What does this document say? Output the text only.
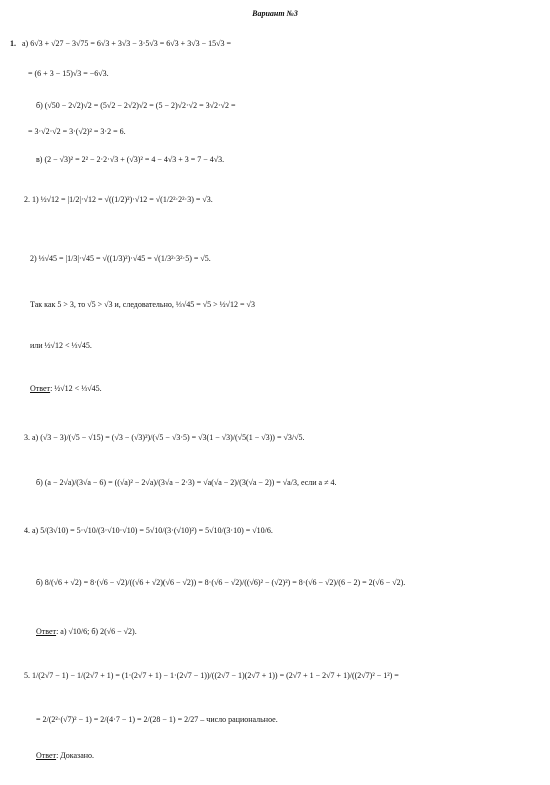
Вариант №3
1. a) 6√3 + √27 − 3√75 = 6√3 + 3√3 − 3·5√3 = 6√3 + 3√3 − 15√3 =
= (6 + 3 − 15)√3 = −6√3.
б) (√50 − 2√2)√2 = (5√2 − 2√2)√2 = (5 − 2)√2·√2 = 3√2·√2 =
= 3·√2·√2 = 3·(√2)² = 3·2 = 6.
в) (2 − √3)² = 2² − 2·2·√3 + (√3)² = 4 − 4√3 + 3 = 7 − 4√3.
2. 1) ½√12 = |1/2|·√12 = √((1/2)²)·√12 = √(1/2²·2²·3) = √3.
2) ⅓√45 = |1/3|·√45 = √((1/3)²)·√45 = √(1/3²·3²·5) = √5.
Так как 5 > 3, то √5 > √3 и, следовательно, ⅓√45 = √5 > ½√12 = √3
или ½√12 < ⅓√45.
Ответ : ½√12 < ⅓√45.
3. а) (√3 − 3)/(√5 − √15) = (√3 − (√3)²)/(√5 − √3·5) = √3(1 − √3)/(√5(1 − √3)) = √3/√5.
б) (a − 2√a)/(3√a − 6) = ((√a)² − 2√a)/(3√a − 2·3) = √a(√a − 2)/(3(√a − 2)) = √a/3, если a ≠ 4.
4. а) 5/(3√10) = 5·√10/(3·√10·√10) = 5√10/(3·(√10)²) = 5√10/(3·10) = √10/6.
б) 8/(√6 + √2) = 8·(√6 − √2)/((√6 + √2)(√6 − √2)) = 8·(√6 − √2)/((√6)² − (√2)²) = 8·(√6 − √2)/(6 − 2) = 2(√6 − √2).
Ответ : а) √10/6; б) 2(√6 − √2).
5. 1/(2√7 − 1) − 1/(2√7 + 1) = (1·(2√7 + 1) − 1·(2√7 − 1))/((2√7 − 1)(2√7 + 1)) = (2√7 + 1 − 2√7 + 1)/((2√7)² − 1²) =
= 2/(2²·(√7)² − 1) = 2/(4·7 − 1) = 2/(28 − 1) = 2/27 – число рациональное.
Ответ : Доказано.
